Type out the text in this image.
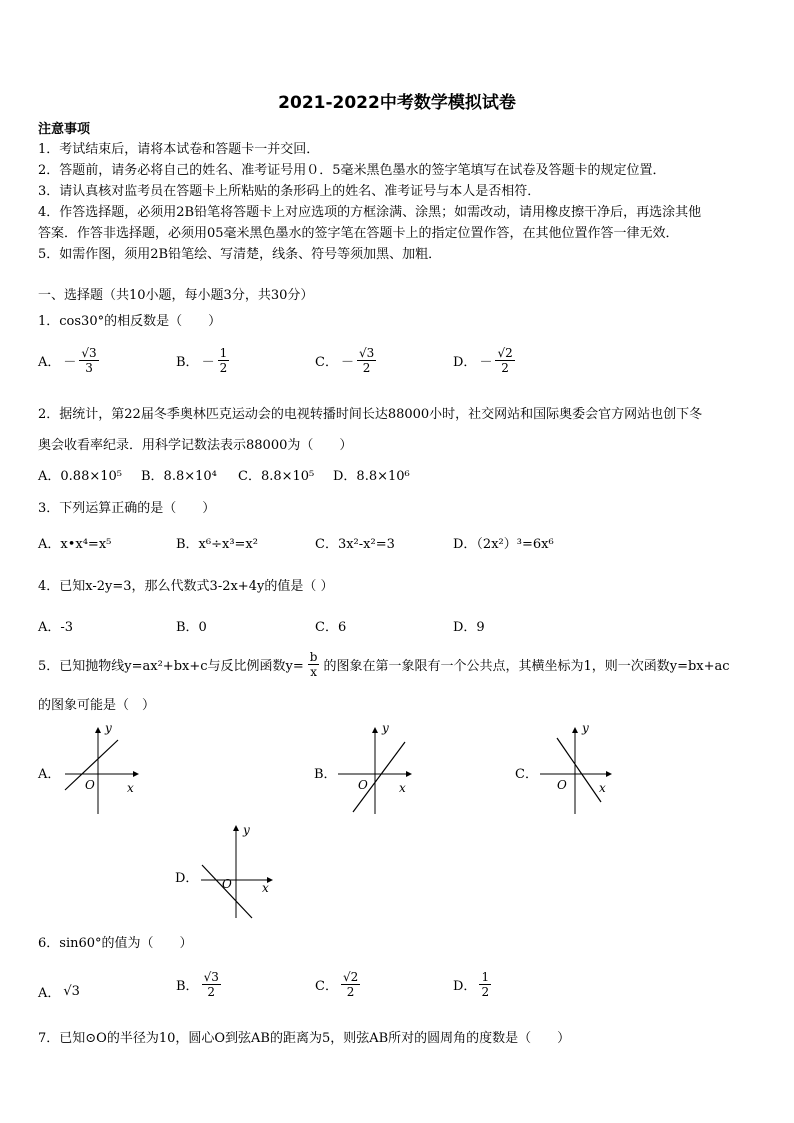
2021-2022中考数学模拟试卷
注意事项
1．考试结束后，请将本试卷和答题卡一并交回．
2．答题前，请务必将自己的姓名、准考证号用０．5毫米黑色墨水的签字笔填写在试卷及答题卡的规定位置．
3．请认真核对监考员在答题卡上所粘贴的条形码上的姓名、准考证号与本人是否相符．
4．作答选择题，必须用2B铅笔将答题卡上对应选项的方框涂满、涂黑；如需改动，请用橡皮擦干净后，再选涂其他
答案．作答非选择题，必须用05毫米黑色墨水的签字笔在答题卡上的指定位置作答，在其他位置作答一律无效．
5．如需作图，须用2B铅笔绘、写清楚，线条、符号等须加黑、加粗．
一、选择题（共10小题，每小题3分，共30分）
1．cos30°的相反数是（　　）
A． － $\frac{√3}{3}$	B． － $\frac{1}{2}$	C． － $\frac{√3}{2}$	D． － $\frac{√2}{2}$
2．据统计，第22届冬季奥林匹克运动会的电视转播时间长达88000小时，社交网站和国际奥委会官方网站也创下冬
奥会收看率纪录．用科学记数法表示88000为（　　）
A．0.88×10⁵ B．8.8×10⁴ C．8.8×10⁵ D．8.8×10⁶
3．下列运算正确的是（　　）
A．x•x⁴=x⁵	B．x⁶÷x³=x²	C．3x²-x²=3	D．（2x²）³=6x⁶
4．已知x-2y=3，那么代数式3-2x+4y的值是（ ）
A．-3	B．0	C．6	D．9
5．已知抛物线y=ax²+bx+c与反比例函数$y= \frac{b}{x}$ 的图象在第一象限有一个公共点，其横坐标为1，则一次函数y=bx+ac
的图象可能是（　）
A．
y
x
O
B．
y
x
O
C．
y
x
O
D．
y
x
O
6．sin60°的值为（　　）
A． √3	B． $\frac{√3}{2}$	C． $\frac{√2}{2}$	D． $\frac{1}{2}$
7．已知⊙O的半径为10，圆心O到弦AB的距离为5，则弦AB所对的圆周角的度数是（　　）
